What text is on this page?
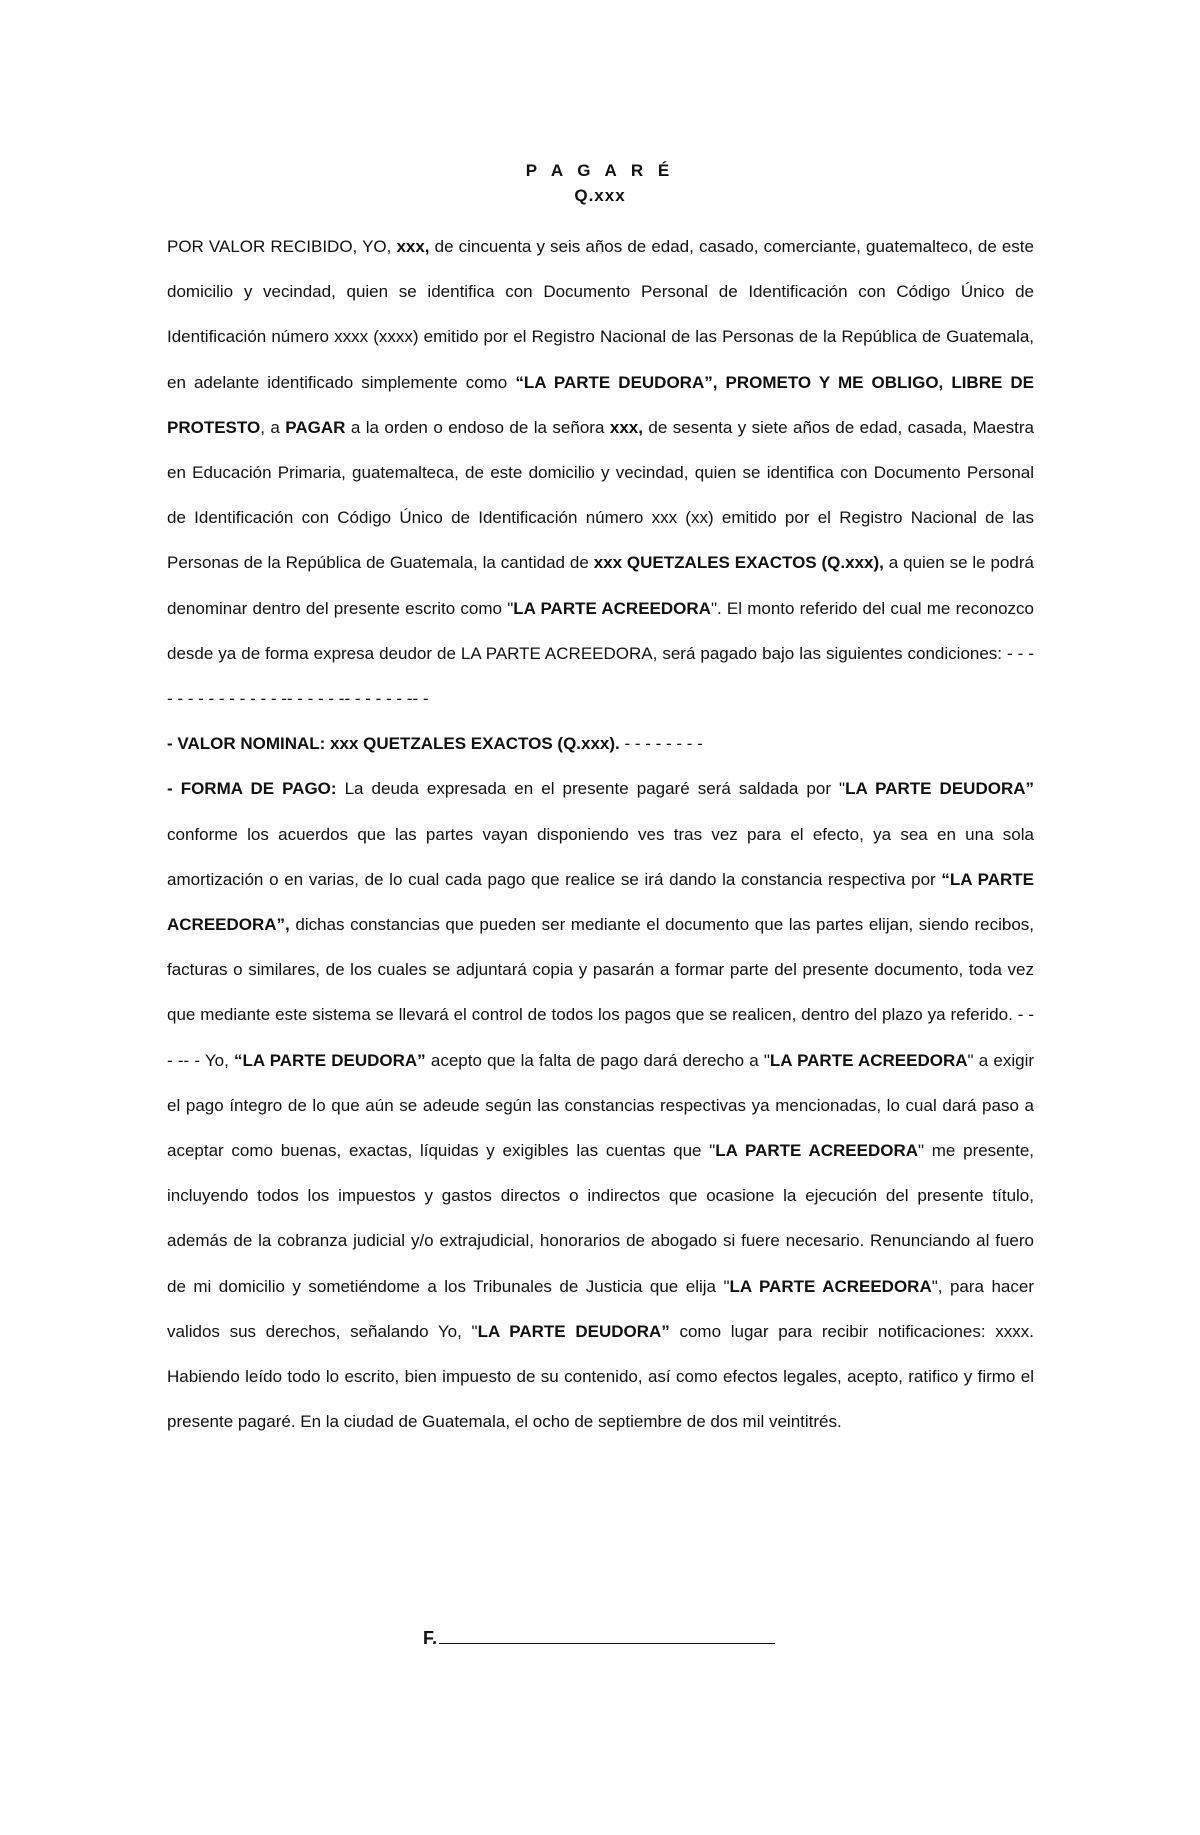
P A G A R É
Q.xxx

POR VALOR RECIBIDO, YO, xxx, de cincuenta y seis años de edad, casado, comerciante, guatemalteco, de este domicilio y vecindad, quien se identifica con Documento Personal de Identificación con Código Único de Identificación número xxxx (xxxx) emitido por el Registro Nacional de las Personas de la República de Guatemala, en adelante identificado simplemente como “LA PARTE DEUDORA”, PROMETO Y ME OBLIGO, LIBRE DE PROTESTO, a PAGAR a la orden o endoso de la señora xxx, de sesenta y siete años de edad, casada, Maestra en Educación Primaria, guatemalteca, de este domicilio y vecindad, quien se identifica con Documento Personal de Identificación con Código Único de Identificación número xxx (xx) emitido por el Registro Nacional de las Personas de la República de Guatemala, la cantidad de xxx QUETZALES EXACTOS (Q.xxx), a quien se le podrá denominar dentro del presente escrito como "LA PARTE ACREEDORA". El monto referido del cual me reconozco desde ya de forma expresa deudor de LA PARTE ACREEDORA, será pagado bajo las siguientes condiciones: - - - - - - - - - - - - - - -- - - - - -- - - - - - -- -

- VALOR NOMINAL: xxx QUETZALES EXACTOS (Q.xxx). - - - - - - - -

- FORMA DE PAGO: La deuda expresada en el presente pagaré será saldada por "LA PARTE DEUDORA” conforme los acuerdos que las partes vayan disponiendo ves tras vez para el efecto, ya sea en una sola amortización o en varias, de lo cual cada pago que realice se irá dando la constancia respectiva por “LA PARTE ACREEDORA”, dichas constancias que pueden ser mediante el documento que las partes elijan, siendo recibos, facturas o similares, de los cuales se adjuntará copia y pasarán a formar parte del presente documento, toda vez que mediante este sistema se llevará el control de todos los pagos que se realicen, dentro del plazo ya referido. - - - -- - Yo, “LA PARTE DEUDORA” acepto que la falta de pago dará derecho a "LA PARTE ACREEDORA" a exigir el pago íntegro de lo que aún se adeude según las constancias respectivas ya mencionadas, lo cual dará paso a aceptar como buenas, exactas, líquidas y exigibles las cuentas que "LA PARTE ACREEDORA" me presente, incluyendo todos los impuestos y gastos directos o indirectos que ocasione la ejecución del presente título, además de la cobranza judicial y/o extrajudicial, honorarios de abogado si fuere necesario. Renunciando al fuero de mi domicilio y sometiéndome a los Tribunales de Justicia que elija "LA PARTE ACREEDORA", para hacer validos sus derechos, señalando Yo, "LA PARTE DEUDORA” como lugar para recibir notificaciones: xxxx. Habiendo leído todo lo escrito, bien impuesto de su contenido, así como efectos legales, acepto, ratifico y firmo el presente pagaré. En la ciudad de Guatemala, el ocho de septiembre de dos mil veintitrés.

F.
